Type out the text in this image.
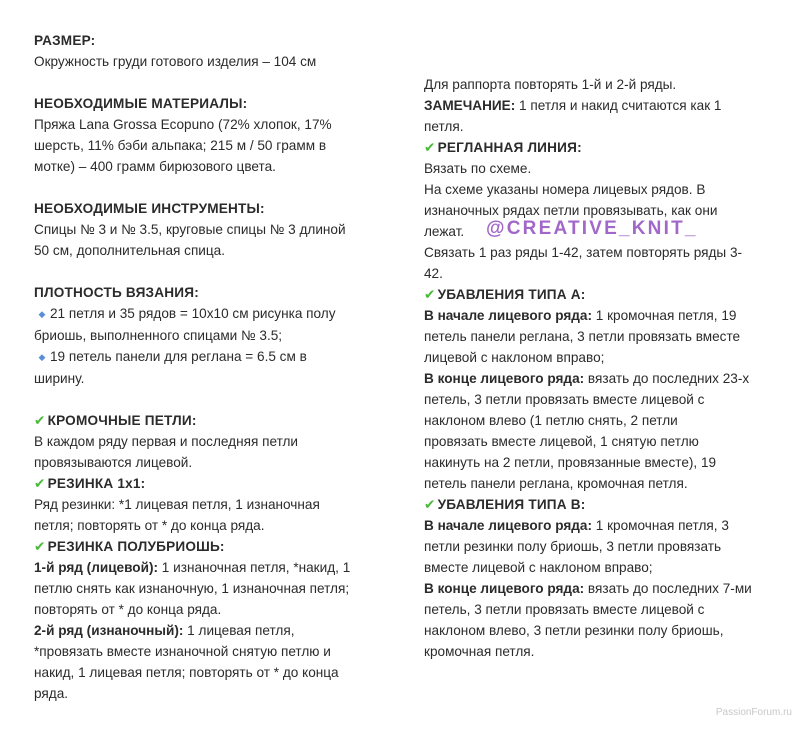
РАЗМЕР:

Окружность груди готового изделия – 104 см

НЕОБХОДИМЫЕ МАТЕРИАЛЫ:

Пряжа Lana Grossa Ecopuno (72% хлопок, 17%

шерсть, 11% бэби альпака; 215 м / 50 грамм в

мотке) – 400 грамм бирюзового цвета.

НЕОБХОДИМЫЕ ИНСТРУМЕНТЫ:

Спицы № 3 и № 3.5, круговые спицы № 3 длиной

50 см, дополнительная спица.

ПЛОТНОСТЬ ВЯЗАНИЯ:

◆ 21 петля и 35 рядов = 10х10 см рисунка полу

бриошь, выполненного спицами № 3.5;

◆ 19 петель панели для реглана = 6.5 см в

ширину.

✔ КРОМОЧНЫЕ ПЕТЛИ:

В каждом ряду первая и последняя петли

провязываются лицевой.

✔ РЕЗИНКА 1х1:

Ряд резинки: *1 лицевая петля, 1 изнаночная

петля; повторять от * до конца ряда.

✔ РЕЗИНКА ПОЛУБРИОШЬ:

1-й ряд (лицевой): 1 изнаночная петля, *накид, 1

петлю снять как изнаночную, 1 изнаночная петля;

повторять от * до конца ряда.

2-й ряд (изнаночный): 1 лицевая петля,

*провязать вместе изнаночной снятую петлю и

накид, 1 лицевая петля; повторять от * до конца

ряда.

Для раппорта повторять 1-й и 2-й ряды.

ЗАМЕЧАНИЕ: 1 петля и накид считаются как 1

петля.

✔ РЕГЛАННАЯ ЛИНИЯ:

Вязать по схеме.

На схеме указаны номера лицевых рядов. В

изнаночных рядах петли провязывать, как они

лежат.

Связать 1 раз ряды 1-42, затем повторять ряды 3-

42.

✔ УБАВЛЕНИЯ ТИПА А:

В начале лицевого ряда: 1 кромочная петля, 19

петель панели реглана, 3 петли провязать вместе

лицевой с наклоном вправо;

В конце лицевого ряда: вязать до последних 23-х

петель, 3 петли провязать вместе лицевой с

наклоном влево (1 петлю снять, 2 петли

провязать вместе лицевой, 1 снятую петлю

накинуть на 2 петли, провязанные вместе), 19

петель панели реглана, кромочная петля.

✔ УБАВЛЕНИЯ ТИПА В:

В начале лицевого ряда: 1 кромочная петля, 3

петли резинки полу бриошь, 3 петли провязать

вместе лицевой с наклоном вправо;

В конце лицевого ряда: вязать до последних 7-ми

петель, 3 петли провязать вместе лицевой с

наклоном влево, 3 петли резинки полу бриошь,

кромочная петля.

@CREATIVE_KNIT_
PassionForum.ru
